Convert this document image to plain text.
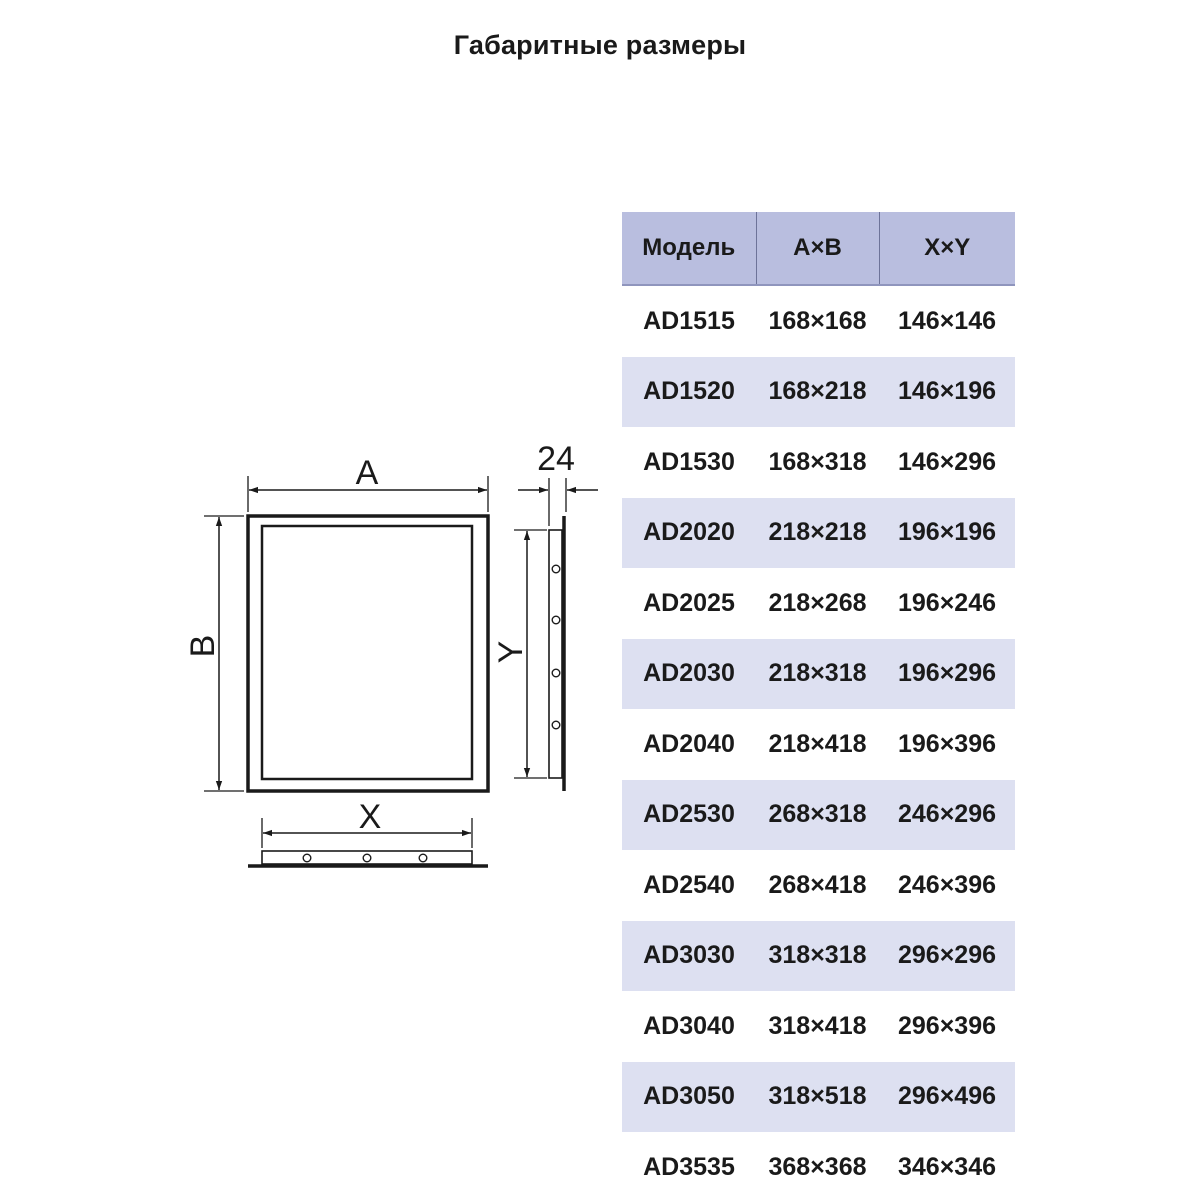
Габаритные размеры
A
B
X
Y
24
Модель	A×B	X×Y
AD1515	168×168	146×146
AD1520	168×218	146×196
AD1530	168×318	146×296
AD2020	218×218	196×196
AD2025	218×268	196×246
AD2030	218×318	196×296
AD2040	218×418	196×396
AD2530	268×318	246×296
AD2540	268×418	246×396
AD3030	318×318	296×296
AD3040	318×418	296×396
AD3050	318×518	296×496
AD3535	368×368	346×346
